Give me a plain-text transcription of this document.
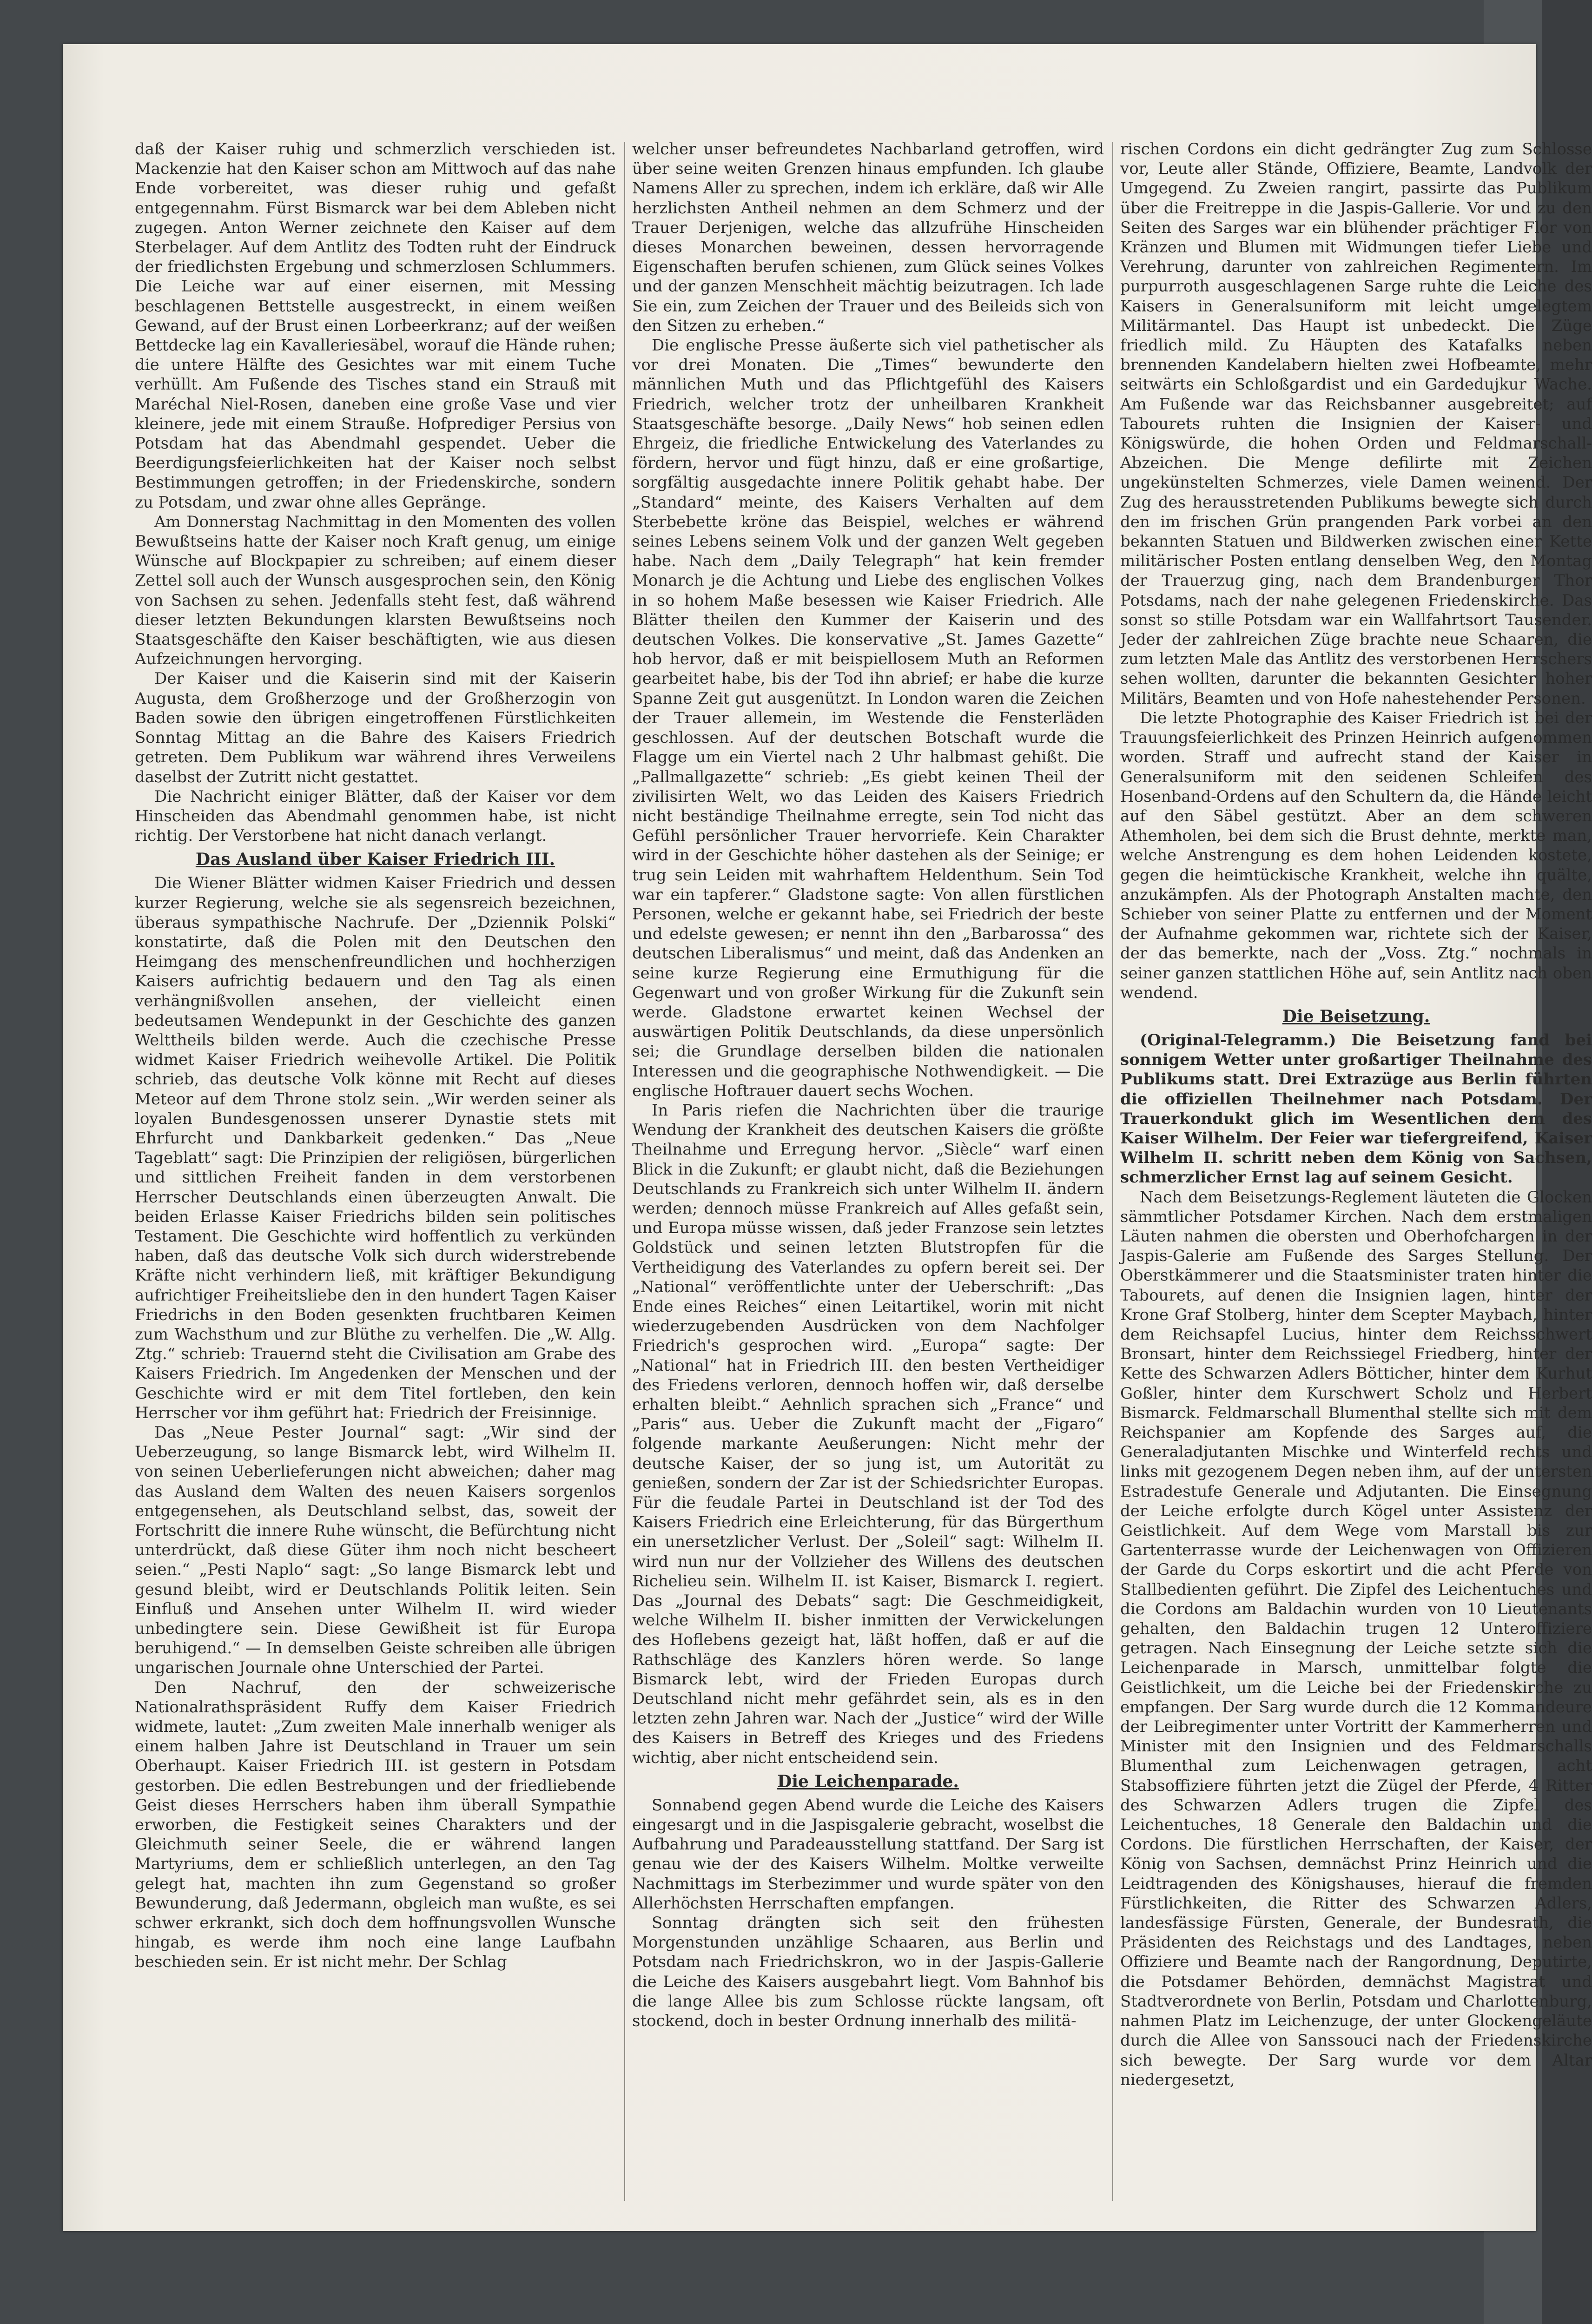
daß der Kaiser ruhig und schmerzlich verschieden ist. Mackenzie hat den Kaiser schon am Mittwoch auf das nahe Ende vorbereitet, was dieser ruhig und gefaßt entgegennahm. Fürst Bismarck war bei dem Ableben nicht zugegen. Anton Werner zeichnete den Kaiser auf dem Sterbelager. Auf dem Antlitz des Todten ruht der Eindruck der friedlichsten Ergebung und schmerzlosen Schlummers. Die Leiche war auf einer eisernen, mit Messing beschlagenen Bettstelle ausgestreckt, in einem weißen Gewand, auf der Brust einen Lorbeerkranz; auf der weißen Bettdecke lag ein Kavalleriesäbel, worauf die Hände ruhen; die untere Hälfte des Gesichtes war mit einem Tuche verhüllt. Am Fußende des Tisches stand ein Strauß mit Maréchal Niel-Rosen, daneben eine große Vase und vier kleinere, jede mit einem Strauße. Hofprediger Persius von Potsdam hat das Abendmahl gespendet. Ueber die Beerdigungsfeierlichkeiten hat der Kaiser noch selbst Bestimmungen getroffen; in der Friedenskirche, sondern zu Potsdam, und zwar ohne alles Gepränge.

Am Donnerstag Nachmittag in den Momenten des vollen Bewußtseins hatte der Kaiser noch Kraft genug, um einige Wünsche auf Blockpapier zu schreiben; auf einem dieser Zettel soll auch der Wunsch ausgesprochen sein, den König von Sachsen zu sehen. Jedenfalls steht fest, daß während dieser letzten Bekundungen klarsten Bewußtseins noch Staatsgeschäfte den Kaiser beschäftigten, wie aus diesen Aufzeichnungen hervorging.

Der Kaiser und die Kaiserin sind mit der Kaiserin Augusta, dem Großherzoge und der Großherzogin von Baden sowie den übrigen eingetroffenen Fürstlichkeiten Sonntag Mittag an die Bahre des Kaisers Friedrich getreten. Dem Publikum war während ihres Verweilens daselbst der Zutritt nicht gestattet.

Die Nachricht einiger Blätter, daß der Kaiser vor dem Hinscheiden das Abendmahl genommen habe, ist nicht richtig. Der Verstorbene hat nicht danach verlangt.

Das Ausland über Kaiser Friedrich III.

Die Wiener Blätter widmen Kaiser Friedrich und dessen kurzer Regierung, welche sie als segensreich bezeichnen, überaus sympathische Nachrufe. Der „Dziennik Polski“ konstatirte, daß die Polen mit den Deutschen den Heimgang des menschenfreundlichen und hochherzigen Kaisers aufrichtig bedauern und den Tag als einen verhängnißvollen ansehen, der vielleicht einen bedeutsamen Wendepunkt in der Geschichte des ganzen Welttheils bilden werde. Auch die czechische Presse widmet Kaiser Friedrich weihevolle Artikel. Die Politik schrieb, das deutsche Volk könne mit Recht auf dieses Meteor auf dem Throne stolz sein. „Wir werden seiner als loyalen Bundesgenossen unserer Dynastie stets mit Ehrfurcht und Dankbarkeit gedenken.“ Das „Neue Tageblatt“ sagt: Die Prinzipien der religiösen, bürgerlichen und sittlichen Freiheit fanden in dem verstorbenen Herrscher Deutschlands einen überzeugten Anwalt. Die beiden Erlasse Kaiser Friedrichs bilden sein politisches Testament. Die Geschichte wird hoffentlich zu verkünden haben, daß das deutsche Volk sich durch widerstrebende Kräfte nicht verhindern ließ, mit kräftiger Bekundigung aufrichtiger Freiheitsliebe den in den hundert Tagen Kaiser Friedrichs in den Boden gesenkten fruchtbaren Keimen zum Wachsthum und zur Blüthe zu verhelfen. Die „W. Allg. Ztg.“ schrieb: Trauernd steht die Civilisation am Grabe des Kaisers Friedrich. Im Angedenken der Menschen und der Geschichte wird er mit dem Titel fortleben, den kein Herrscher vor ihm geführt hat: Friedrich der Freisinnige.

Das „Neue Pester Journal“ sagt: „Wir sind der Ueberzeugung, so lange Bismarck lebt, wird Wilhelm II. von seinen Ueberlieferungen nicht abweichen; daher mag das Ausland dem Walten des neuen Kaisers sorgenlos entgegensehen, als Deutschland selbst, das, soweit der Fortschritt die innere Ruhe wünscht, die Befürchtung nicht unterdrückt, daß diese Güter ihm noch nicht bescheert seien.“ „Pesti Naplo“ sagt: „So lange Bismarck lebt und gesund bleibt, wird er Deutschlands Politik leiten. Sein Einfluß und Ansehen unter Wilhelm II. wird wieder unbedingtere sein. Diese Gewißheit ist für Europa beruhigend.“ — In demselben Geiste schreiben alle übrigen ungarischen Journale ohne Unterschied der Partei.

Den Nachruf, den der schweizerische Nationalrathspräsident Ruffy dem Kaiser Friedrich widmete, lautet: „Zum zweiten Male innerhalb weniger als einem halben Jahre ist Deutschland in Trauer um sein Oberhaupt. Kaiser Friedrich III. ist gestern in Potsdam gestorben. Die edlen Bestrebungen und der friedliebende Geist dieses Herrschers haben ihm überall Sympathie erworben, die Festigkeit seines Charakters und der Gleichmuth seiner Seele, die er während langen Martyriums, dem er schließlich unterlegen, an den Tag gelegt hat, machten ihn zum Gegenstand so großer Bewunderung, daß Jedermann, obgleich man wußte, es sei schwer erkrankt, sich doch dem hoffnungsvollen Wunsche hingab, es werde ihm noch eine lange Laufbahn beschieden sein. Er ist nicht mehr. Der Schlag

welcher unser befreundetes Nachbarland getroffen, wird über seine weiten Grenzen hinaus empfunden. Ich glaube Namens Aller zu sprechen, indem ich erkläre, daß wir Alle herzlichsten Antheil nehmen an dem Schmerz und der Trauer Derjenigen, welche das allzufrühe Hinscheiden dieses Monarchen beweinen, dessen hervorragende Eigenschaften berufen schienen, zum Glück seines Volkes und der ganzen Menschheit mächtig beizutragen. Ich lade Sie ein, zum Zeichen der Trauer und des Beileids sich von den Sitzen zu erheben.“

Die englische Presse äußerte sich viel pathetischer als vor drei Monaten. Die „Times“ bewunderte den männlichen Muth und das Pflichtgefühl des Kaisers Friedrich, welcher trotz der unheilbaren Krankheit Staatsgeschäfte besorge. „Daily News“ hob seinen edlen Ehrgeiz, die friedliche Entwickelung des Vaterlandes zu fördern, hervor und fügt hinzu, daß er eine großartige, sorgfältig ausgedachte innere Politik gehabt habe. Der „Standard“ meinte, des Kaisers Verhalten auf dem Sterbebette kröne das Beispiel, welches er während seines Lebens seinem Volk und der ganzen Welt gegeben habe. Nach dem „Daily Telegraph“ hat kein fremder Monarch je die Achtung und Liebe des englischen Volkes in so hohem Maße besessen wie Kaiser Friedrich. Alle Blätter theilen den Kummer der Kaiserin und des deutschen Volkes. Die konservative „St. James Gazette“ hob hervor, daß er mit beispiellosem Muth an Reformen gearbeitet habe, bis der Tod ihn abrief; er habe die kurze Spanne Zeit gut ausgenützt. In London waren die Zeichen der Trauer allemein, im Westende die Fensterläden geschlossen. Auf der deutschen Botschaft wurde die Flagge um ein Viertel nach 2 Uhr halbmast gehißt. Die „Pallmallgazette“ schrieb: „Es giebt keinen Theil der zivilisirten Welt, wo das Leiden des Kaisers Friedrich nicht beständige Theilnahme erregte, sein Tod nicht das Gefühl persönlicher Trauer hervorriefe. Kein Charakter wird in der Geschichte höher dastehen als der Seinige; er trug sein Leiden mit wahrhaftem Heldenthum. Sein Tod war ein tapferer.“ Gladstone sagte: Von allen fürstlichen Personen, welche er gekannt habe, sei Friedrich der beste und edelste gewesen; er nennt ihn den „Barbarossa“ des deutschen Liberalismus“ und meint, daß das Andenken an seine kurze Regierung eine Ermuthigung für die Gegenwart und von großer Wirkung für die Zukunft sein werde. Gladstone erwartet keinen Wechsel der auswärtigen Politik Deutschlands, da diese unpersönlich sei; die Grundlage derselben bilden die nationalen Interessen und die geographische Nothwendigkeit. — Die englische Hoftrauer dauert sechs Wochen.

In Paris riefen die Nachrichten über die traurige Wendung der Krankheit des deutschen Kaisers die größte Theilnahme und Erregung hervor. „Siècle“ warf einen Blick in die Zukunft; er glaubt nicht, daß die Beziehungen Deutschlands zu Frankreich sich unter Wilhelm II. ändern werden; dennoch müsse Frankreich auf Alles gefaßt sein, und Europa müsse wissen, daß jeder Franzose sein letztes Goldstück und seinen letzten Blutstropfen für die Vertheidigung des Vaterlandes zu opfern bereit sei. Der „National“ veröffentlichte unter der Ueberschrift: „Das Ende eines Reiches“ einen Leitartikel, worin mit nicht wiederzugebenden Ausdrücken von dem Nachfolger Friedrich's gesprochen wird. „Europa“ sagte: Der „National“ hat in Friedrich III. den besten Vertheidiger des Friedens verloren, dennoch hoffen wir, daß derselbe erhalten bleibt.“ Aehnlich sprachen sich „France“ und „Paris“ aus. Ueber die Zukunft macht der „Figaro“ folgende markante Aeußerungen: Nicht mehr der deutsche Kaiser, der so jung ist, um Autorität zu genießen, sondern der Zar ist der Schiedsrichter Europas. Für die feudale Partei in Deutschland ist der Tod des Kaisers Friedrich eine Erleichterung, für das Bürgerthum ein unersetzlicher Verlust. Der „Soleil“ sagt: Wilhelm II. wird nun nur der Vollzieher des Willens des deutschen Richelieu sein. Wilhelm II. ist Kaiser, Bismarck I. regiert. Das „Journal des Debats“ sagt: Die Geschmeidigkeit, welche Wilhelm II. bisher inmitten der Verwickelungen des Hoflebens gezeigt hat, läßt hoffen, daß er auf die Rathschläge des Kanzlers hören werde. So lange Bismarck lebt, wird der Frieden Europas durch Deutschland nicht mehr gefährdet sein, als es in den letzten zehn Jahren war. Nach der „Justice“ wird der Wille des Kaisers in Betreff des Krieges und des Friedens wichtig, aber nicht entscheidend sein.

Die Leichenparade.

Sonnabend gegen Abend wurde die Leiche des Kaisers eingesargt und in die Jaspisgalerie gebracht, woselbst die Aufbahrung und Paradeausstellung stattfand. Der Sarg ist genau wie der des Kaisers Wilhelm. Moltke verweilte Nachmittags im Sterbezimmer und wurde später von den Allerhöchsten Herrschaften empfangen.

Sonntag drängten sich seit den frühesten Morgenstunden unzählige Schaaren, aus Berlin und Potsdam nach Friedrichskron, wo in der Jaspis-Gallerie die Leiche des Kaisers ausgebahrt liegt. Vom Bahnhof bis die lange Allee bis zum Schlosse rückte langsam, oft stockend, doch in bester Ordnung innerhalb des militä-

rischen Cordons ein dicht gedrängter Zug zum Schlosse vor, Leute aller Stände, Offiziere, Beamte, Landvolk der Umgegend. Zu Zweien rangirt, passirte das Publikum über die Freitreppe in die Jaspis-Gallerie. Vor und zu den Seiten des Sarges war ein blühender prächtiger Flor von Kränzen und Blumen mit Widmungen tiefer Liebe und Verehrung, darunter von zahlreichen Regimentern. Im purpurroth ausgeschlagenen Sarge ruhte die Leiche des Kaisers in Generalsuniform mit leicht umgelegtem Militärmantel. Das Haupt ist unbedeckt. Die Züge friedlich mild. Zu Häupten des Katafalks neben brennenden Kandelabern hielten zwei Hofbeamte, mehr seitwärts ein Schloßgardist und ein Gardedujkur Wache. Am Fußende war das Reichsbanner ausgebreitet; auf Tabourets ruhten die Insignien der Kaiser- und Königswürde, die hohen Orden und Feldmarschall-Abzeichen. Die Menge defilirte mit Zeichen ungekünstelten Schmerzes, viele Damen weinend. Der Zug des herausstretenden Publikums bewegte sich durch den im frischen Grün prangenden Park vorbei an den bekannten Statuen und Bildwerken zwischen einer Kette militärischer Posten entlang denselben Weg, den Montag der Trauerzug ging, nach dem Brandenburger Thor Potsdams, nach der nahe gelegenen Friedenskirche. Das sonst so stille Potsdam war ein Wallfahrtsort Tausender. Jeder der zahlreichen Züge brachte neue Schaaren, die zum letzten Male das Antlitz des verstorbenen Herrschers sehen wollten, darunter die bekannten Gesichter hoher Militärs, Beamten und von Hofe nahestehender Personen.

Die letzte Photographie des Kaiser Friedrich ist bei der Trauungsfeierlichkeit des Prinzen Heinrich aufgenommen worden. Straff und aufrecht stand der Kaiser in Generalsuniform mit den seidenen Schleifen des Hosenband-Ordens auf den Schultern da, die Hände leicht auf den Säbel gestützt. Aber an dem schweren Athemholen, bei dem sich die Brust dehnte, merkte man, welche Anstrengung es dem hohen Leidenden kostete, gegen die heimtückische Krankheit, welche ihn quälte, anzukämpfen. Als der Photograph Anstalten machte, den Schieber von seiner Platte zu entfernen und der Moment der Aufnahme gekommen war, richtete sich der Kaiser, der das bemerkte, nach der „Voss. Ztg.“ nochmals in seiner ganzen stattlichen Höhe auf, sein Antlitz nach oben wendend.

Die Beisetzung.

(Original-Telegramm.) Die Beisetzung fand bei sonnigem Wetter unter großartiger Theilnahme des Publikums statt. Drei Extrazüge aus Berlin führten die offiziellen Theilnehmer nach Potsdam. Der Trauerkondukt glich im Wesentlichen dem des Kaiser Wilhelm. Der Feier war tiefergreifend, Kaiser Wilhelm II. schritt neben dem König von Sachsen, schmerzlicher Ernst lag auf seinem Gesicht.

Nach dem Beisetzungs-Reglement läuteten die Glocken sämmtlicher Potsdamer Kirchen. Nach dem erstmaligen Läuten nahmen die obersten und Oberhofchargen in der Jaspis-Galerie am Fußende des Sarges Stellung. Der Oberstkämmerer und die Staatsminister traten hinter die Tabourets, auf denen die Insignien lagen, hinter der Krone Graf Stolberg, hinter dem Scepter Maybach, hinter dem Reichsapfel Lucius, hinter dem Reichsschwert Bronsart, hinter dem Reichssiegel Friedberg, hinter der Kette des Schwarzen Adlers Bötticher, hinter dem Kurhut Goßler, hinter dem Kurschwert Scholz und Herbert Bismarck. Feldmarschall Blumenthal stellte sich mit dem Reichspanier am Kopfende des Sarges auf, die Generaladjutanten Mischke und Winterfeld rechts und links mit gezogenem Degen neben ihm, auf der untersten Estradestufe Generale und Adjutanten. Die Einsegnung der Leiche erfolgte durch Kögel unter Assistenz der Geistlichkeit. Auf dem Wege vom Marstall bis zur Gartenterrasse wurde der Leichenwagen von Offizieren der Garde du Corps eskortirt und die acht Pferde von Stallbedienten geführt. Die Zipfel des Leichentuches und die Cordons am Baldachin wurden von 10 Lieutenants gehalten, den Baldachin trugen 12 Unteroffiziere getragen. Nach Einsegnung der Leiche setzte sich die Leichenparade in Marsch, unmittelbar folgte die Geistlichkeit, um die Leiche bei der Friedenskirche zu empfangen. Der Sarg wurde durch die 12 Kommandeure der Leibregimenter unter Vortritt der Kammerherren und Minister mit den Insignien und des Feldmarschalls Blumenthal zum Leichenwagen getragen, acht Stabsoffiziere führten jetzt die Zügel der Pferde, 4 Ritter des Schwarzen Adlers trugen die Zipfel des Leichentuches, 18 Generale den Baldachin und die Cordons. Die fürstlichen Herrschaften, der Kaiser, der König von Sachsen, demnächst Prinz Heinrich und die Leidtragenden des Königshauses, hierauf die fremden Fürstlichkeiten, die Ritter des Schwarzen Adlers, landesfässige Fürsten, Generale, der Bundesrath, die Präsidenten des Reichstags und des Landtages, neben Offiziere und Beamte nach der Rangordnung, Deputirte, die Potsdamer Behörden, demnächst Magistrat und Stadtverordnete von Berlin, Potsdam und Charlottenburg, nahmen Platz im Leichenzuge, der unter Glockengeläute durch die Allee von Sanssouci nach der Friedenskirche sich bewegte. Der Sarg wurde vor dem Altar niedergesetzt,
